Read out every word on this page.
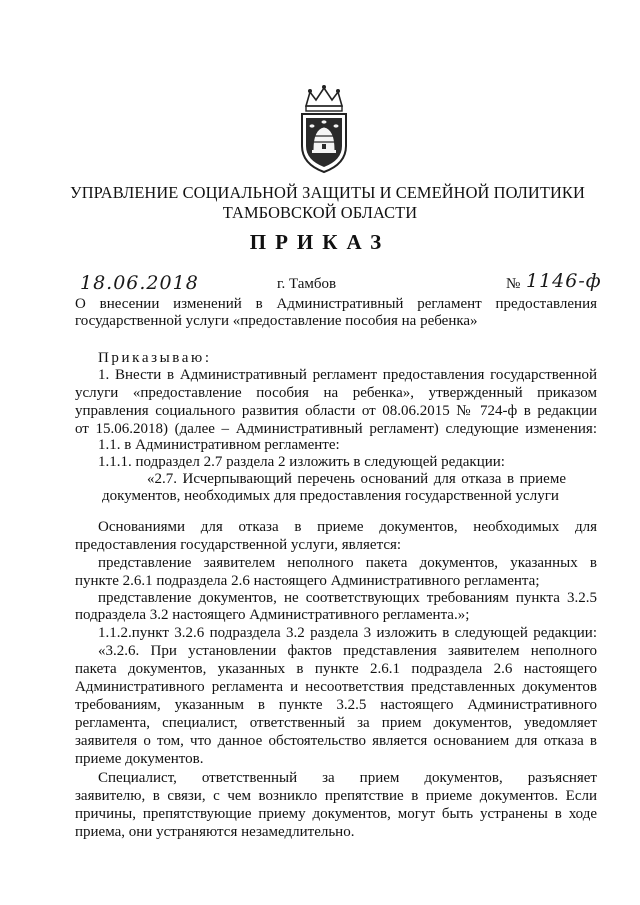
УПРАВЛЕНИЕ СОЦИАЛЬНОЙ ЗАЩИТЫ И СЕМЕЙНОЙ ПОЛИТИКИ
ТАМБОВСКОЙ ОБЛАСТИ
ПРИКАЗ
18.06.2018	г. Тамбов	№ 1146-ф
О внесении изменений в Административный регламент предоставления
государственной услуги «предоставление пособия на ребенка»
Приказываю:
1. Внести в Административный регламент предоставления государственной
услуги «предоставление пособия на ребенка», утвержденный приказом
управления социального развития области от 08.06.2015 № 724-ф в редакции
от 15.06.2018) (далее – Административный регламент) следующие изменения:
1.1. в Административном регламенте:
1.1.1. подраздел 2.7 раздела 2 изложить в следующей редакции:
«2.7. Исчерпывающий перечень оснований для отказа в приеме
документов, необходимых для предоставления государственной услуги
Основаниями для отказа в приеме документов, необходимых для
предоставления государственной услуги, является:
представление заявителем неполного пакета документов, указанных в
пункте 2.6.1 подраздела 2.6 настоящего Административного регламента;
представление документов, не соответствующих требованиям пункта 3.2.5
подраздела 3.2 настоящего Административного регламента.»;
1.1.2.пункт 3.2.6 подраздела 3.2 раздела 3 изложить в следующей редакции:
«3.2.6. При установлении фактов представления заявителем неполного
пакета документов, указанных в пункте 2.6.1 подраздела 2.6 настоящего
Административного регламента и несоответствия представленных документов
требованиям, указанным в пункте 3.2.5 настоящего Административного
регламента, специалист, ответственный за прием документов, уведомляет
заявителя о том, что данное обстоятельство является основанием для отказа в
приеме документов.
Специалист, ответственный за прием документов, разъясняет
заявителю, в связи, с чем возникло препятствие в приеме документов. Если
причины, препятствующие приему документов, могут быть устранены в ходе
приема, они устраняются незамедлительно.
